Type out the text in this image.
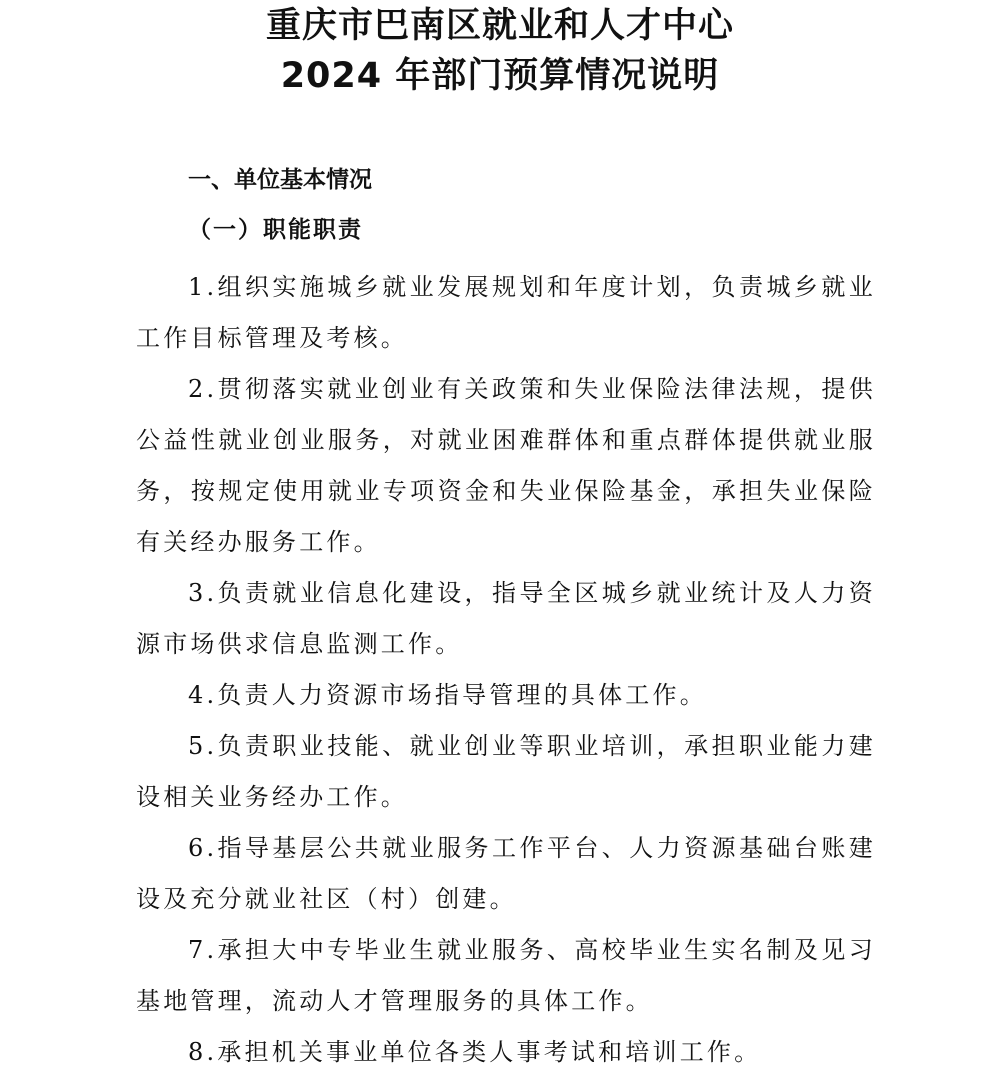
重庆市巴南区就业和人才中心
2024 年部门预算情况说明
一、单位基本情况
（一）职能职责
1.组织实施城乡就业发展规划和年度计划，负责城乡就业工作目标管理及考核。
2.贯彻落实就业创业有关政策和失业保险法律法规，提供公益性就业创业服务，对就业困难群体和重点群体提供就业服务，按规定使用就业专项资金和失业保险基金，承担失业保险有关经办服务工作。
3.负责就业信息化建设，指导全区城乡就业统计及人力资源市场供求信息监测工作。
4.负责人力资源市场指导管理的具体工作。
5.负责职业技能、就业创业等职业培训，承担职业能力建设相关业务经办工作。
6.指导基层公共就业服务工作平台、人力资源基础台账建设及充分就业社区（村）创建。
7.承担大中专毕业生就业服务、高校毕业生实名制及见习基地管理，流动人才管理服务的具体工作。
8.承担机关事业单位各类人事考试和培训工作。
